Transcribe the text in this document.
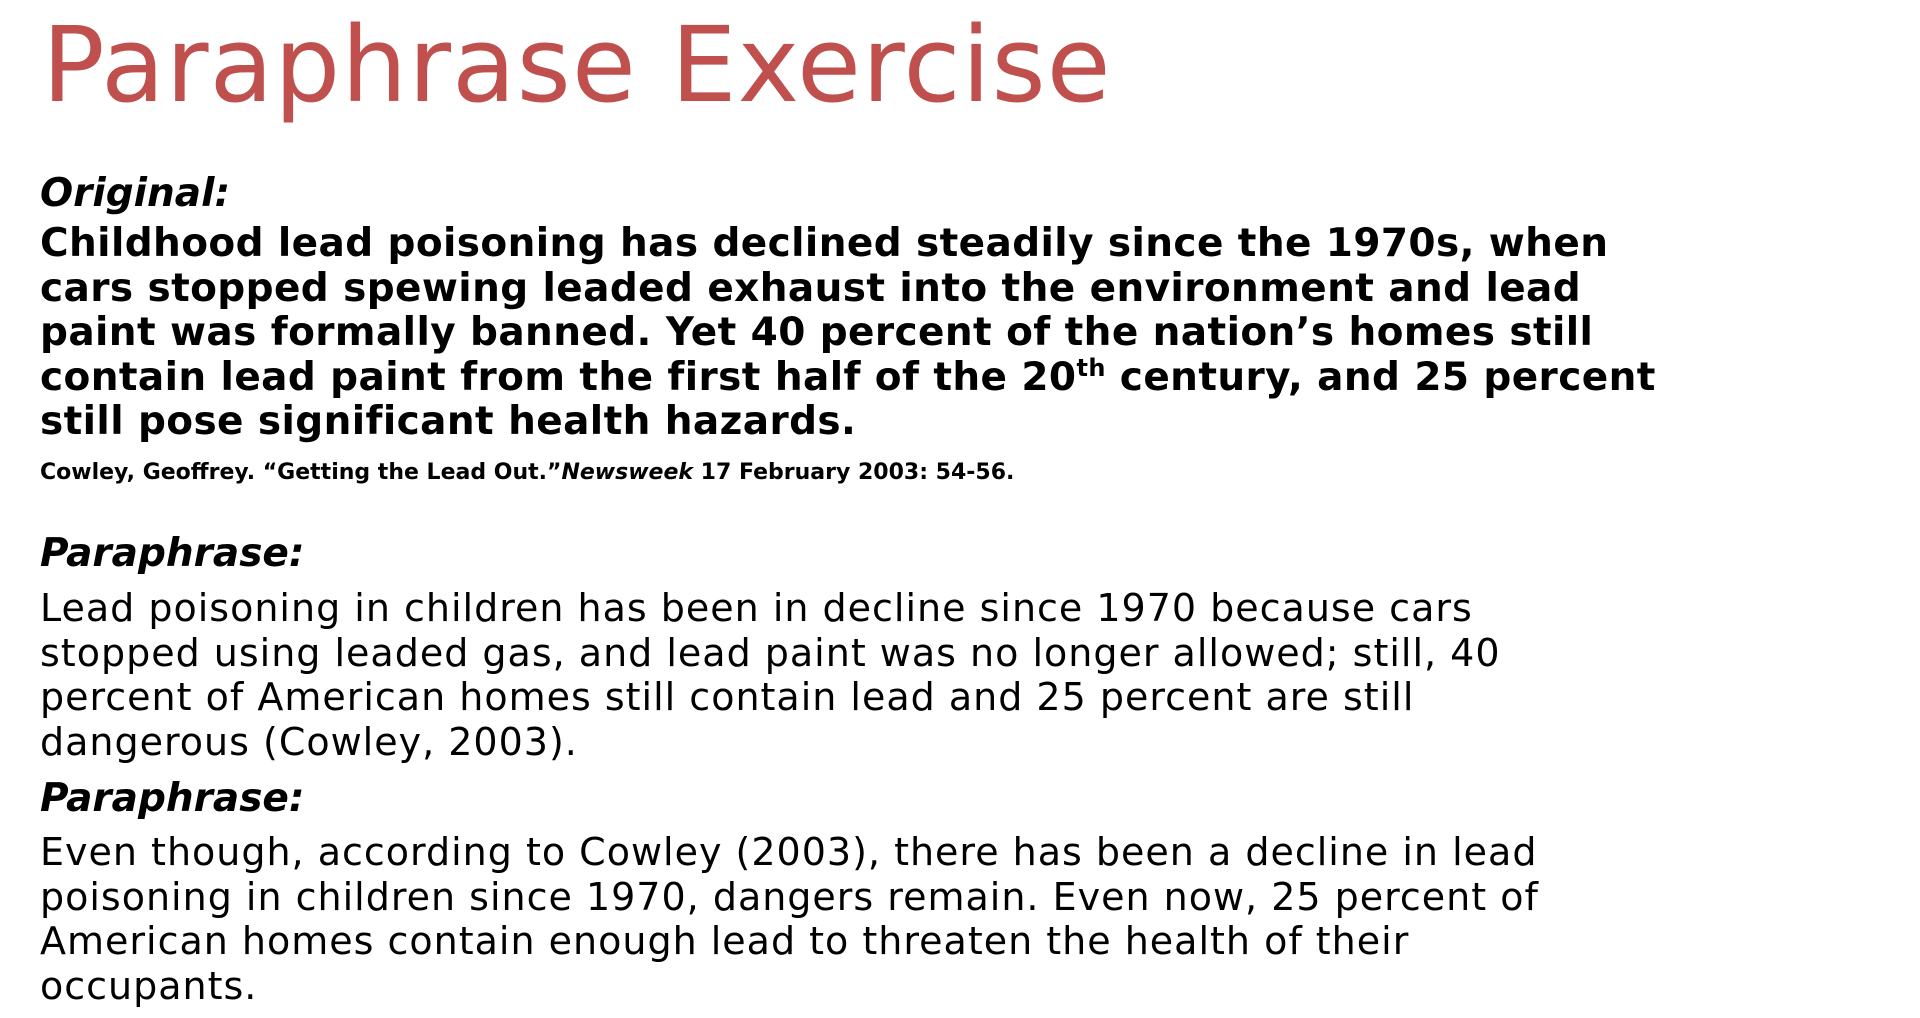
Paraphrase Exercise
Original:
Childhood lead poisoning has declined steadily since the 1970s, when
cars stopped spewing leaded exhaust into the environment and lead
paint was formally banned. Yet 40 percent of the nation’s homes still
contain lead paint from the first half of the 20th century, and 25 percent
still pose significant health hazards.
Cowley, Geoffrey. “Getting the Lead Out.”Newsweek 17 February 2003: 54-56.
Paraphrase:
Lead poisoning in children has been in decline since 1970 because cars
stopped using leaded gas, and lead paint was no longer allowed; still, 40
percent of American homes still contain lead and 25 percent are still
dangerous (Cowley, 2003).
Paraphrase:
Even though, according to Cowley (2003), there has been a decline in lead
poisoning in children since 1970, dangers remain. Even now, 25 percent of
American homes contain enough lead to threaten the health of their
occupants.
